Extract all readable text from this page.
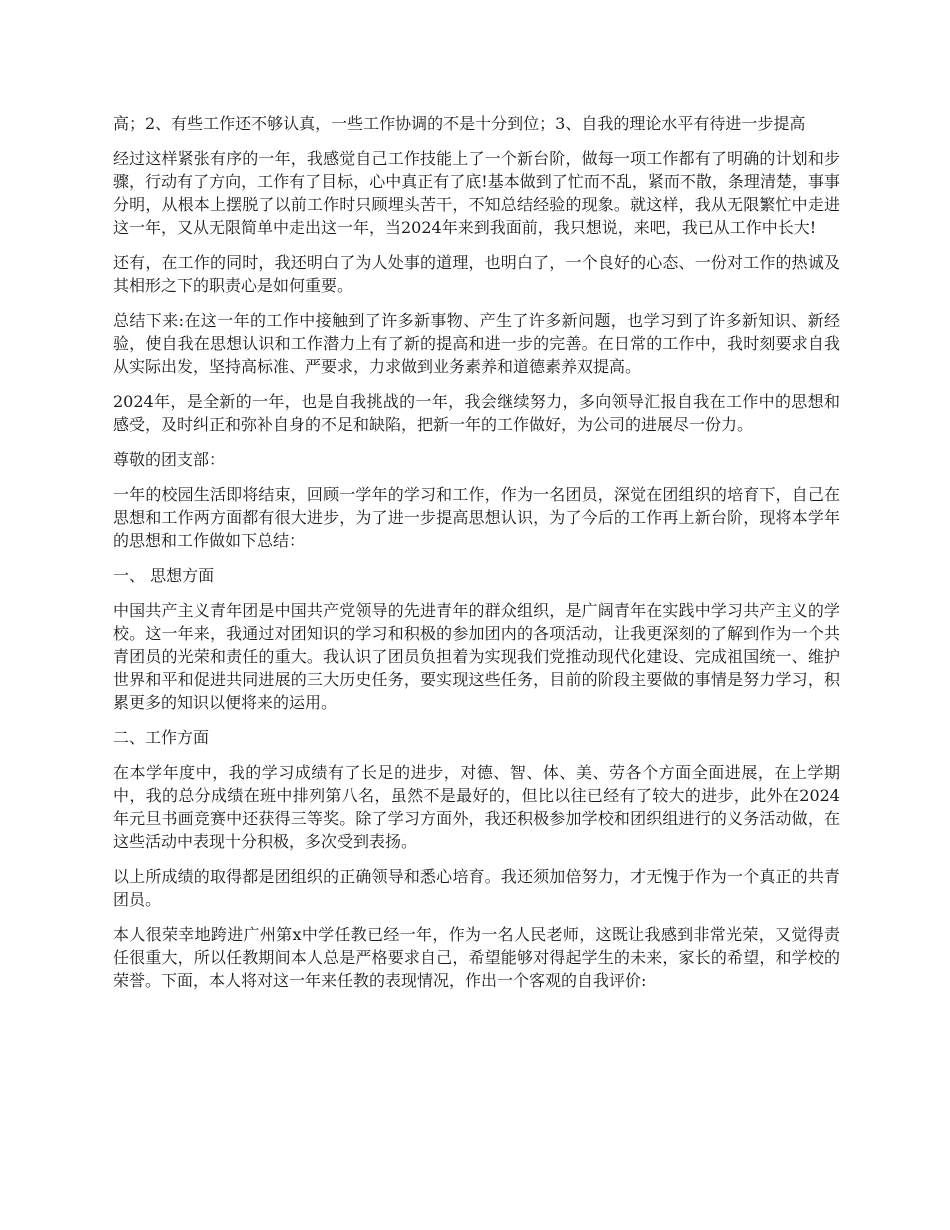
高；2、有些工作还不够认真，一些工作协调的不是十分到位；3、自我的理论水平有待进一步提高

经过这样紧张有序的一年，我感觉自己工作技能上了一个新台阶，做每一项工作都有了明确的计划和步骤，行动有了方向，工作有了目标，心中真正有了底!基本做到了忙而不乱，紧而不散，条理清楚，事事分明，从根本上摆脱了以前工作时只顾埋头苦干，不知总结经验的现象。就这样，我从无限繁忙中走进这一年，又从无限简单中走出这一年，当2024年来到我面前，我只想说，来吧，我已从工作中长大!

还有，在工作的同时，我还明白了为人处事的道理，也明白了，一个良好的心态、一份对工作的热诚及其相形之下的职责心是如何重要。

总结下来:在这一年的工作中接触到了许多新事物、产生了许多新问题，也学习到了许多新知识、新经验，使自我在思想认识和工作潜力上有了新的提高和进一步的完善。在日常的工作中，我时刻要求自我从实际出发，坚持高标准、严要求，力求做到业务素养和道德素养双提高。

2024年，是全新的一年，也是自我挑战的一年，我会继续努力，多向领导汇报自我在工作中的思想和感受，及时纠正和弥补自身的不足和缺陷，把新一年的工作做好，为公司的进展尽一份力。

尊敬的团支部：

一年的校园生活即将结束，回顾一学年的学习和工作，作为一名团员，深觉在团组织的培育下，自己在思想和工作两方面都有很大进步，为了进一步提高思想认识，为了今后的工作再上新台阶，现将本学年的思想和工作做如下总结：

一、 思想方面

中国共产主义青年团是中国共产党领导的先进青年的群众组织，是广阔青年在实践中学习共产主义的学校。这一年来，我通过对团知识的学习和积极的参加团内的各项活动，让我更深刻的了解到作为一个共青团员的光荣和责任的重大。我认识了团员负担着为实现我们党推动现代化建设、完成祖国统一、维护世界和平和促进共同进展的三大历史任务，要实现这些任务，目前的阶段主要做的事情是努力学习，积累更多的知识以便将来的运用。

二、工作方面

在本学年度中，我的学习成绩有了长足的进步，对德、智、体、美、劳各个方面全面进展，在上学期中，我的总分成绩在班中排列第八名，虽然不是最好的，但比以往已经有了较大的进步，此外在2024年元旦书画竞赛中还获得三等奖。除了学习方面外，我还积极参加学校和团织组进行的义务活动做，在这些活动中表现十分积极，多次受到表扬。

以上所成绩的取得都是团组织的正确领导和悉心培育。我还须加倍努力，才无愧于作为一个真正的共青团员。

本人很荣幸地跨进广州第x中学任教已经一年，作为一名人民老师，这既让我感到非常光荣，又觉得责任很重大，所以任教期间本人总是严格要求自己，希望能够对得起学生的未来，家长的希望，和学校的荣誉。下面，本人将对这一年来任教的表现情况，作出一个客观的自我评价:
